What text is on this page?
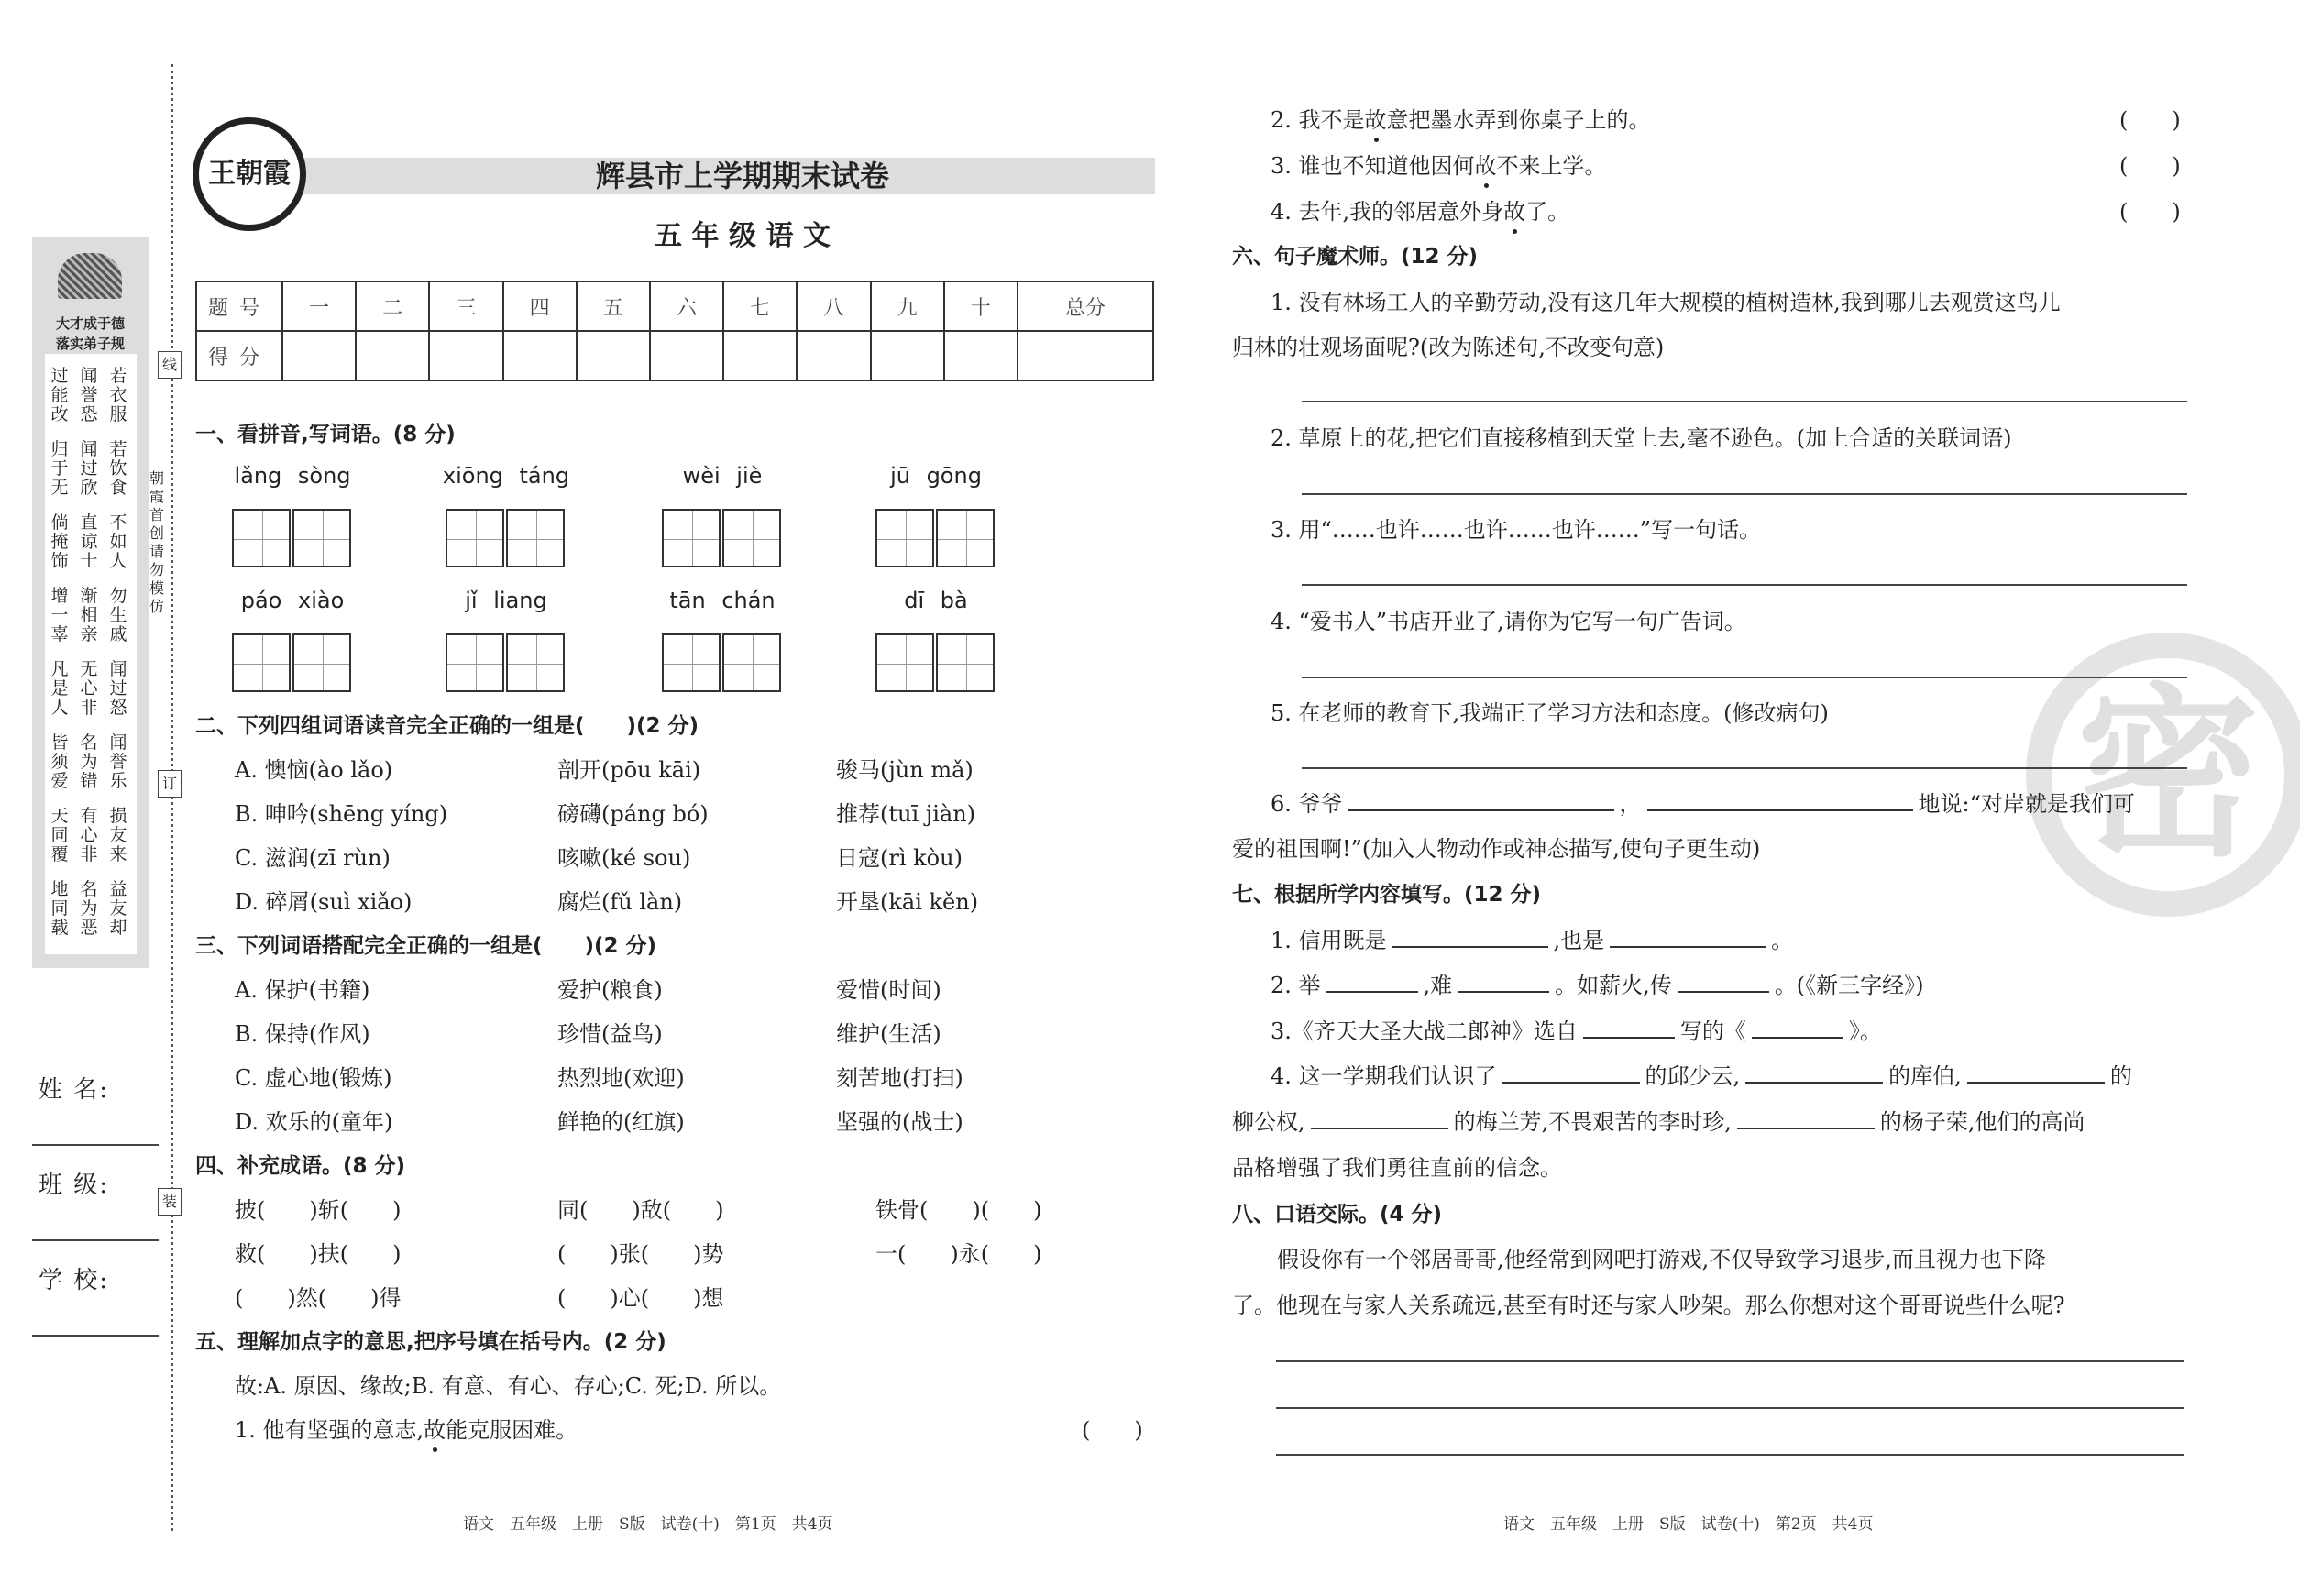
王朝霞	辉县市上学期期末试卷
五 年 级 语 文
题号	一	二	三	四	五	六	七	八	九	十	总分
得分											
大才成于德
落实弟子规
过能改
闻誉恐
若衣服
归于无
闻过欣
若饮食
倘掩饰
直谅士
不如人
增一辜
渐相亲
勿生戚
凡是人
无心非
闻过怒
皆须爱
名为错
闻誉乐
天同覆
有心非
损友来
地同载
名为恶
益友却
线
订
装
朝霞首创 请勿模仿
姓 名:
班 级:
学 校:
一、看拼音,写词语。(8 分)
lǎng sòng	xiōng táng	wèi jiè	jū gōng
páo xiào	jǐ liang	tān chán	dī bà
二、下列四组词语读音完全正确的一组是(　　)(2 分)
A. 懊恼(ào lǎo)	剖开(pōu kāi)	骏马(jùn mǎ)
B. 呻吟(shēng yíng)	磅礴(páng bó)	推荐(tuī jiàn)
C. 滋润(zī rùn)	咳嗽(ké sou)	日寇(rì kòu)
D. 碎屑(suì xiǎo)	腐烂(fǔ làn)	开垦(kāi kěn)
三、下列词语搭配完全正确的一组是(　　)(2 分)
A. 保护(书籍)	爱护(粮食)	爱惜(时间)
B. 保持(作风)	珍惜(益鸟)	维护(生活)
C. 虚心地(锻炼)	热烈地(欢迎)	刻苦地(打扫)
D. 欢乐的(童年)	鲜艳的(红旗)	坚强的(战士)
四、补充成语。(8 分)
披(　　)斩(　　)	同(　　)敌(　　)	铁骨(　　)(　　)
救(　　)扶(　　)	(　　)张(　　)势	一(　　)永(　　)
(　　)然(　　)得	(　　)心(　　)想
五、理解加点字的意思,把序号填在括号内。(2 分)
故:A. 原因、缘故;B. 有意、有心、存心;C. 死;D. 所以。
1. 他有坚强的意志,故能克服困难。	(　　)
密
2. 我不是故意把墨水弄到你桌子上的。	(　　)
3. 谁也不知道他因何故不来上学。	(　　)
4. 去年,我的邻居意外身故了。	(　　)
六、句子魔术师。(12 分)
1. 没有林场工人的辛勤劳动,没有这几年大规模的植树造林,我到哪儿去观赏这鸟儿
归林的壮观场面呢?(改为陈述句,不改变句意)
2. 草原上的花,把它们直接移植到天堂上去,毫不逊色。(加上合适的关联词语)
3. 用“……也许……也许……也许……”写一句话。
4. “爱书人”书店开业了,请你为它写一句广告词。
5. 在老师的教育下,我端正了学习方法和态度。(修改病句)
6. 爷爷	，	地说:“对岸就是我们可
爱的祖国啊!”(加入人物动作或神态描写,使句子更生动)
七、根据所学内容填写。(12 分)
1. 信用既是	,也是	。
2. 举	,难	。如薪火,传	。(《新三字经》)
3.《齐天大圣大战二郎神》选自	写的《	》。
4. 这一学期我们认识了	的邱少云,	的库伯,	的
柳公权,	的梅兰芳,不畏艰苦的李时珍,	的杨子荣,他们的高尚
品格增强了我们勇往直前的信念。
八、口语交际。(4 分)
假设你有一个邻居哥哥,他经常到网吧打游戏,不仅导致学习退步,而且视力也下降
了。他现在与家人关系疏远,甚至有时还与家人吵架。那么你想对这个哥哥说些什么呢?
语文　五年级　上册　S版　试卷(十)　第1页　共4页	语文　五年级　上册　S版　试卷(十)　第2页　共4页
